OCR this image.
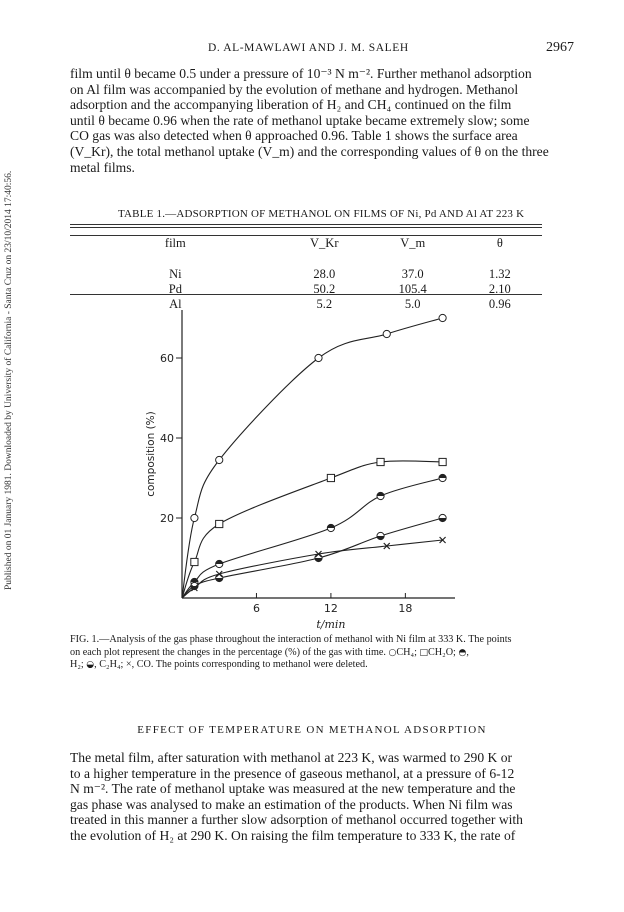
Published on 01 January 1981. Downloaded by University of California - Santa Cruz on 23/10/2014 17:40:56.
D. AL-MAWLAWI AND J. M. SALEH	2967
film until θ became 0.5 under a pressure of 10⁻³ N m⁻². Further methanol adsorption
on Al film was accompanied by the evolution of methane and hydrogen. Methanol
adsorption and the accompanying liberation of H₂ and CH₄ continued on the film
until θ became 0.96 when the rate of methanol uptake became extremely slow; some
CO gas was also detected when θ approached 0.96. Table 1 shows the surface area
(V_Kr), the total methanol uptake (V_m) and the corresponding values of θ on the three
metal films.
TABLE 1.—ADSORPTION OF METHANOL ON FILMS OF Ni, Pd AND Al AT 223 K
film	V_Kr	V_m	θ

Ni	28.0	37.0	1.32
Pd	50.2	105.4	2.10
Al	5.2	5.0	0.96
20
40
60
6	12	18
t/min
composition (%)
FIG. 1.—Analysis of the gas phase throughout the interaction of methanol with Ni film at 333 K. The points
on each plot represent the changes in the percentage (%) of the gas with time. ○CH₄; □CH₂O; ◓,
H₂; ◒, C₂H₄; ×, CO. The points corresponding to methanol were deleted.
EFFECT OF TEMPERATURE ON METHANOL ADSORPTION
The metal film, after saturation with methanol at 223 K, was warmed to 290 K or
to a higher temperature in the presence of gaseous methanol, at a pressure of 6-12
N m⁻². The rate of methanol uptake was measured at the new temperature and the
gas phase was analysed to make an estimation of the products. When Ni film was
treated in this manner a further slow adsorption of methanol occurred together with
the evolution of H₂ at 290 K. On raising the film temperature to 333 K, the rate of
